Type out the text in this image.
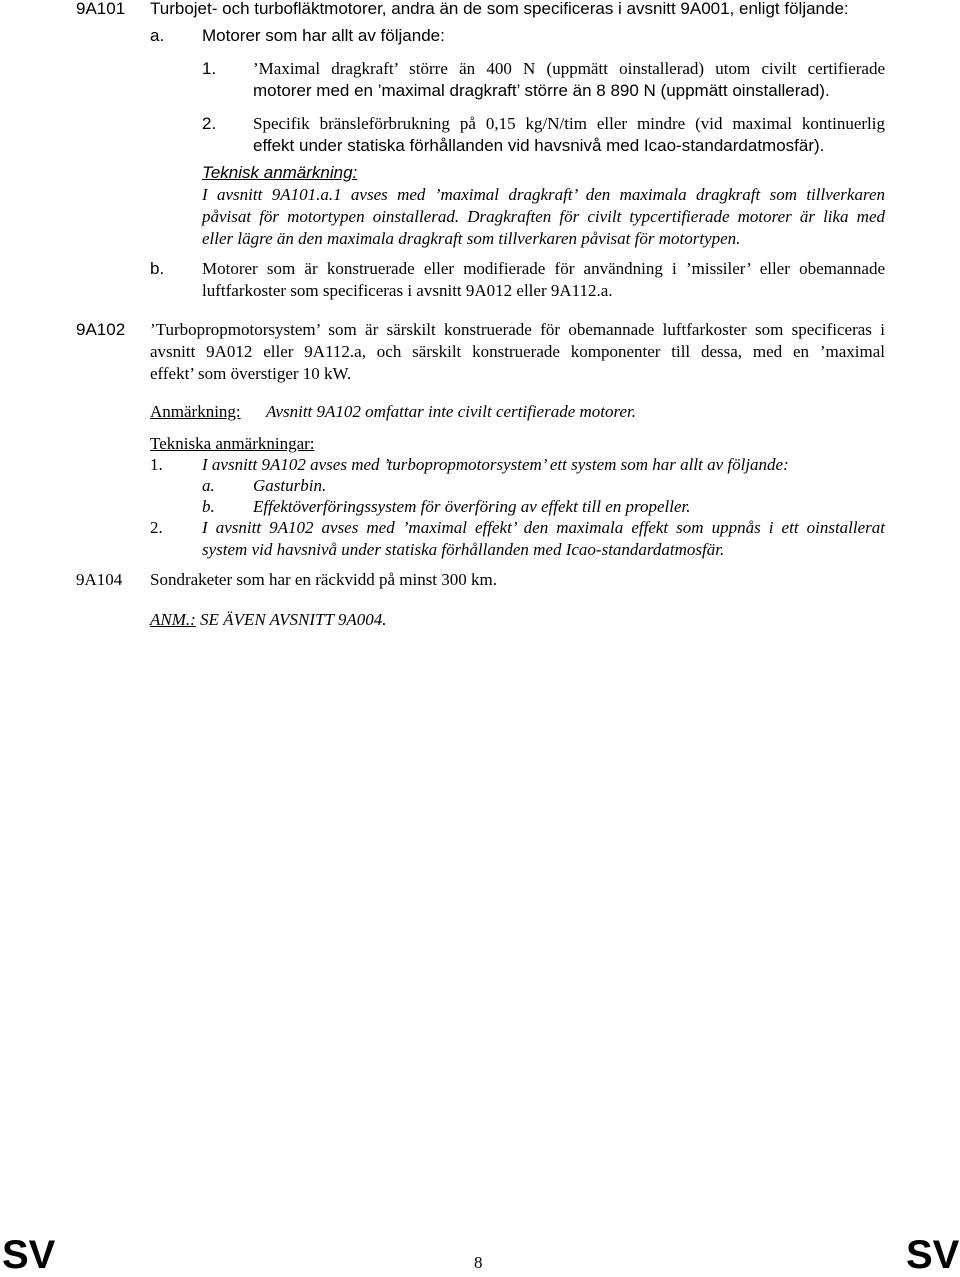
9A101 Turbojet- och turbofläktmotorer, andra än de som specificeras i avsnitt 9A001, enligt följande:
a. Motorer som har allt av följande:
1. ’Maximal dragkraft’ större än 400 N (uppmätt oinstallerad) utom civilt certifierade
motorer med en ’maximal dragkraft’ större än 8 890 N (uppmätt oinstallerad).
2. Specifik bränsleförbrukning på 0,15 kg/N/tim eller mindre (vid maximal kontinuerlig
effekt under statiska förhållanden vid havsnivå med Icao-standardatmosfär).
Teknisk anmärkning:
I avsnitt 9A101.a.1 avses med ’maximal dragkraft’ den maximala dragkraft som tillverkaren
påvisat för motortypen oinstallerad. Dragkraften för civilt typcertifierade motorer är lika med
eller lägre än den maximala dragkraft som tillverkaren påvisat för motortypen.
b. Motorer som är konstruerade eller modifierade för användning i ’missiler’ eller obemannade
luftfarkoster som specificeras i avsnitt 9A012 eller 9A112.a.
9A102 ’Turbopropmotorsystem’ som är särskilt konstruerade för obemannade luftfarkoster som specificeras i
avsnitt 9A012 eller 9A112.a, och särskilt konstruerade komponenter till dessa, med en ’maximal
effekt’ som överstiger 10 kW.
Anmärkning: Avsnitt 9A102 omfattar inte civilt certifierade motorer.
Tekniska anmärkningar:
1. I avsnitt 9A102 avses med ’turbopropmotorsystem’ ett system som har allt av följande:
a. Gasturbin.
b. Effektöverföringssystem för överföring av effekt till en propeller.
2. I avsnitt 9A102 avses med ’maximal effekt’ den maximala effekt som uppnås i ett oinstallerat
system vid havsnivå under statiska förhållanden med Icao-standardatmosfär.
9A104 Sondraketer som har en räckvidd på minst 300 km.
ANM.: SE ÄVEN AVSNITT 9A004.
SV	8	SV
